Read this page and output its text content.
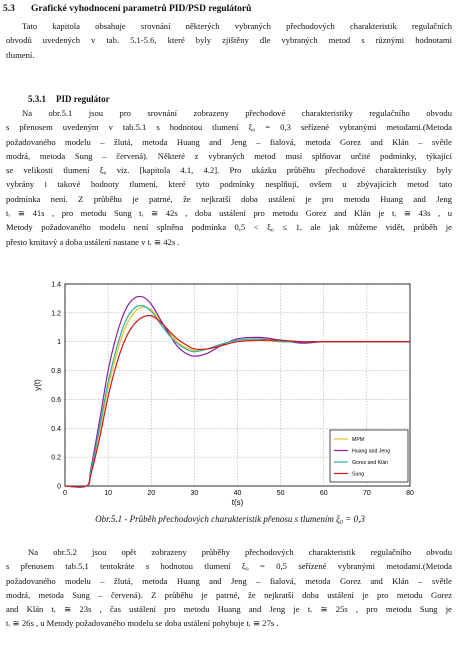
5.3 Grafické vyhodnocení parametrů PID/PSD regulátorů
Tato kapitola obsahuje srovnání některých vybraných přechodových charakteristik regulačních
obvodů uvedených v tab. 5.1-5.6, které byly zjištěny dle vybraných metod s různými hodnotami
tlumení.
5.3.1 PID regulátor
Na obr.5.1 jsou pro srovnání zobrazeny přechodové charakteristiky regulačního obvodu
s přenosem uvedeným v tab.5.1 s hodnotou tlumení ξ₀ = 0,3 seřízené vybranými metodami.(Metoda
požadovaného modelu – žlutá, metoda Huang and Jeng – fialová, metoda Gorez and Klán – světle
modrá, metoda Sung – červená). Některé z vybraných metod musí splňovat určité podmínky, týkající
se velikosti tlumení ξ₀ viz. [kapitola 4.1, 4.2]. Pro ukázku průběhu přechodové charakteristiky byly
vybrány i takové hodnoty tlumení, které tyto podmínky nesplňují, ovšem u zbývajících metod tato
podmínka není. Z průběhu je patrné, že nejkratší doba ustálení je pro metodu Huang and Jeng
tᵣ ≅ 41s , pro metodu Sung tᵣ ≅ 42s , doba ustálení pro metodu Gorez and Klán je tᵣ ≅ 43s , u
Metody požadovaného modelu není splněna podmínka 0,5 < ξ₀ ≤ 1, ale jak můžeme vidět, průběh je
přesto kmitavý a doba ustálení nastane v tᵣ ≅ 42s .
0	10	20	30	40	50	60	70	80
0
0.2
0.4
0.6
0.8
1
1.2
1.4
t(s)
y(t)
MPM
Huang and Jeng
Gorez and Klán
Sung
Obr.5.1 - Průběh přechodových charakteristik přenosu s tlumením ξ₀ = 0,3
Na obr.5.2 jsou opět zobrazeny průběhy přechodových charakteristik regulačního obvodu
s přenosem tab.5.1 tentokráte s hodnotou tlumení ξ₀ = 0,5 seřízené vybranými metodami.(Metoda
požadovaného modelu – žlutá, metoda Huang and Jeng – fialová, metoda Gorez and Klán – světle
modrá, metoda Sung – červená). Z průběhu je patrné, že nejkratší doba ustálení je pro metodu Gorez
and Klán tᵣ ≅ 23s , čas ustálení pro metodu Huang and Jeng je tᵣ ≅ 25s , pro metodu Sung je
tᵣ ≅ 26s , u Metody požadovaného modelu se doba ustálení pohybuje tᵣ ≅ 27s .
